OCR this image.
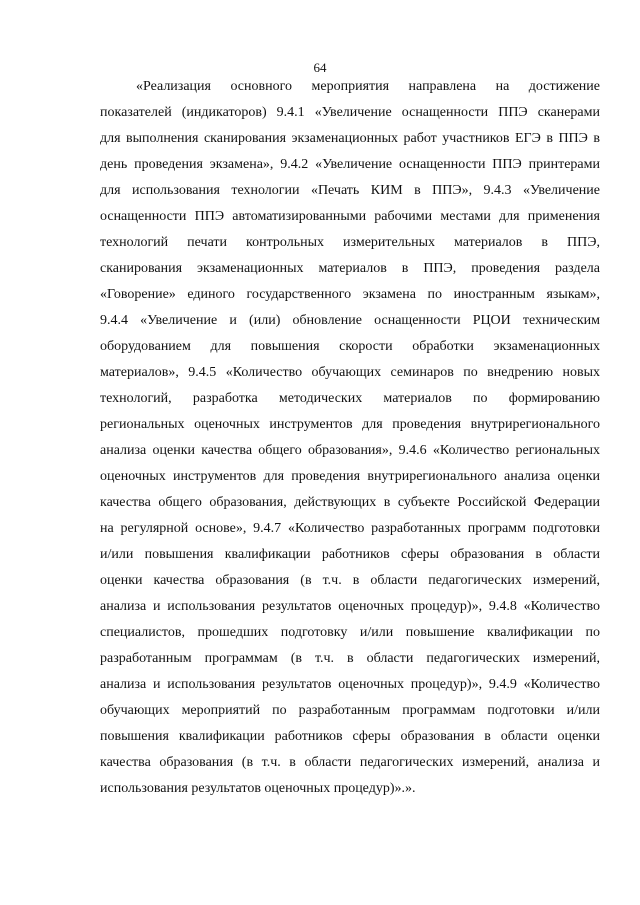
64
«Реализация основного мероприятия направлена на достижение
показателей (индикаторов) 9.4.1 «Увеличение оснащенности ППЭ сканерами
для выполнения сканирования экзаменационных работ участников ЕГЭ в ППЭ в
день проведения экзамена», 9.4.2 «Увеличение оснащенности ППЭ принтерами
для использования технологии «Печать КИМ в ППЭ», 9.4.3 «Увеличение
оснащенности ППЭ автоматизированными рабочими местами для применения
технологий печати контрольных измерительных материалов в ППЭ,
сканирования экзаменационных материалов в ППЭ, проведения раздела
«Говорение» единого государственного экзамена по иностранным языкам»,
9.4.4 «Увеличение и (или) обновление оснащенности РЦОИ техническим
оборудованием для повышения скорости обработки экзаменационных
материалов», 9.4.5 «Количество обучающих семинаров по внедрению новых
технологий, разработка методических материалов по формированию
региональных оценочных инструментов для проведения внутрирегионального
анализа оценки качества общего образования», 9.4.6 «Количество региональных
оценочных инструментов для проведения внутрирегионального анализа оценки
качества общего образования, действующих в субъекте Российской Федерации
на регулярной основе», 9.4.7 «Количество разработанных программ подготовки
и/или повышения квалификации работников сферы образования в области
оценки качества образования (в т.ч. в области педагогических измерений,
анализа и использования результатов оценочных процедур)», 9.4.8 «Количество
специалистов, прошедших подготовку и/или повышение квалификации по
разработанным программам (в т.ч. в области педагогических измерений,
анализа и использования результатов оценочных процедур)», 9.4.9 «Количество
обучающих мероприятий по разработанным программам подготовки и/или
повышения квалификации работников сферы образования в области оценки
качества образования (в т.ч. в области педагогических измерений, анализа и
использования результатов оценочных процедур)».».
